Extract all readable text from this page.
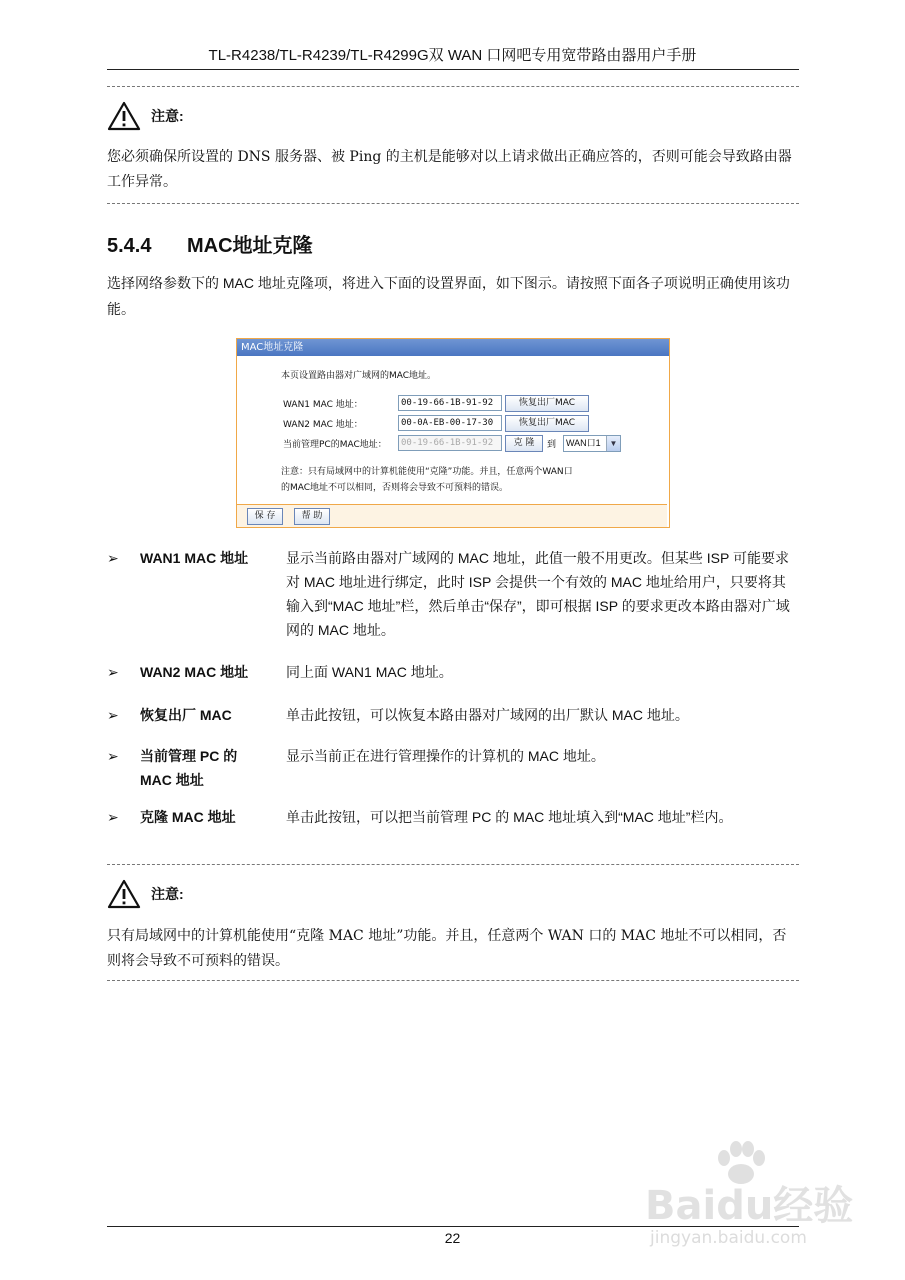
TL-R4238/TL-R4239/TL-R4299G双 WAN 口网吧专用宽带路由器用户手册
注意:
您必须确保所设置的 DNS 服务器、被 Ping 的主机是能够对以上请求做出正确应答的，否则可能会导致路由器工作异常。
5.4.4 MAC地址克隆
选择网络参数下的 MAC 地址克隆项，将进入下面的设置界面，如下图示。请按照下面各子项说明正确使用该功能。
MAC地址克隆
本页设置路由器对广域网的MAC地址。
WAN1 MAC 地址：	00-19-66-1B-91-92	恢复出厂MAC
WAN2 MAC 地址：	00-0A-EB-00-17-30	恢复出厂MAC
当前管理PC的MAC地址：	00-19-66-1B-91-92	克 隆	到	WAN口1	▼
注意：只有局域网中的计算机能使用“克隆”功能。并且，任意两个WAN口
的MAC地址不可以相同，否则将会导致不可预料的错误。
保 存	帮 助
➢ WAN1 MAC 地址	显示当前路由器对广域网的 MAC 地址，此值一般不用更改。但某些 ISP 可能要求对 MAC 地址进行绑定，此时 ISP 会提供一个有效的 MAC 地址给用户，只要将其输入到“MAC 地址”栏，然后单击“保存”，即可根据 ISP 的要求更改本路由器对广域网的 MAC 地址。
➢ WAN2 MAC 地址	同上面 WAN1 MAC 地址。
➢ 恢复出厂 MAC	单击此按钮，可以恢复本路由器对广域网的出厂默认 MAC 地址。
➢ 当前管理 PC 的 MAC 地址
显示当前正在进行管理操作的计算机的 MAC 地址。
➢ 克隆 MAC 地址	单击此按钮，可以把当前管理 PC 的 MAC 地址填入到“MAC 地址”栏内。
注意:
只有局域网中的计算机能使用“克隆 MAC 地址”功能。并且，任意两个 WAN 口的 MAC 地址不可以相同，否则将会导致不可预料的错误。
Baidu经验
jingyan.baidu.com
22
